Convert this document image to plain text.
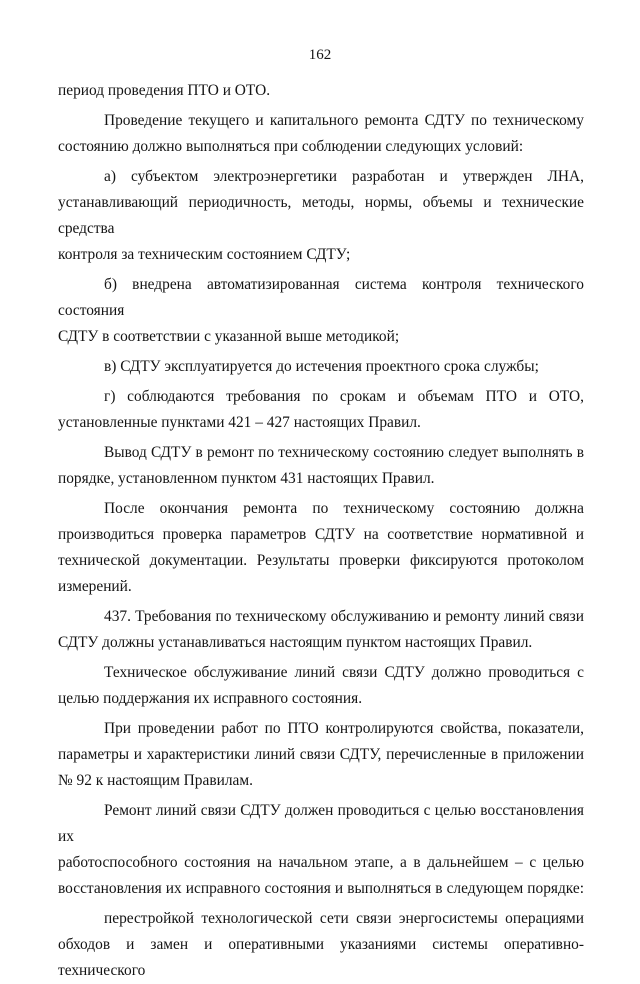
162
период проведения ПТО и ОТО.
Проведение текущего и капитального ремонта СДТУ по техническому
состоянию должно выполняться при соблюдении следующих условий:
а) субъектом электроэнергетики разработан и утвержден ЛНА,
устанавливающий периодичность, методы, нормы, объемы и технические средства
контроля за техническим состоянием СДТУ;
б) внедрена автоматизированная система контроля технического состояния
СДТУ в соответствии с указанной выше методикой;
в) СДТУ эксплуатируется до истечения проектного срока службы;
г) соблюдаются требования по срокам и объемам ПТО и ОТО,
установленные пунктами 421 – 427 настоящих Правил.
Вывод СДТУ в ремонт по техническому состоянию следует выполнять в
порядке, установленном пунктом 431 настоящих Правил.
После окончания ремонта по техническому состоянию должна
производиться проверка параметров СДТУ на соответствие нормативной и
технической документации. Результаты проверки фиксируются протоколом
измерений.
437. Требования по техническому обслуживанию и ремонту линий связи
СДТУ должны устанавливаться настоящим пунктом настоящих Правил.
Техническое обслуживание линий связи СДТУ должно проводиться с
целью поддержания их исправного состояния.
При проведении работ по ПТО контролируются свойства, показатели,
параметры и характеристики линий связи СДТУ, перечисленные в приложении
№ 92 к настоящим Правилам.
Ремонт линий связи СДТУ должен проводиться с целью восстановления их
работоспособного состояния на начальном этапе, а в дальнейшем – с целью
восстановления их исправного состояния и выполняться в следующем порядке:
перестройкой технологической сети связи энергосистемы операциями
обходов и замен и оперативными указаниями системы оперативно-технического
